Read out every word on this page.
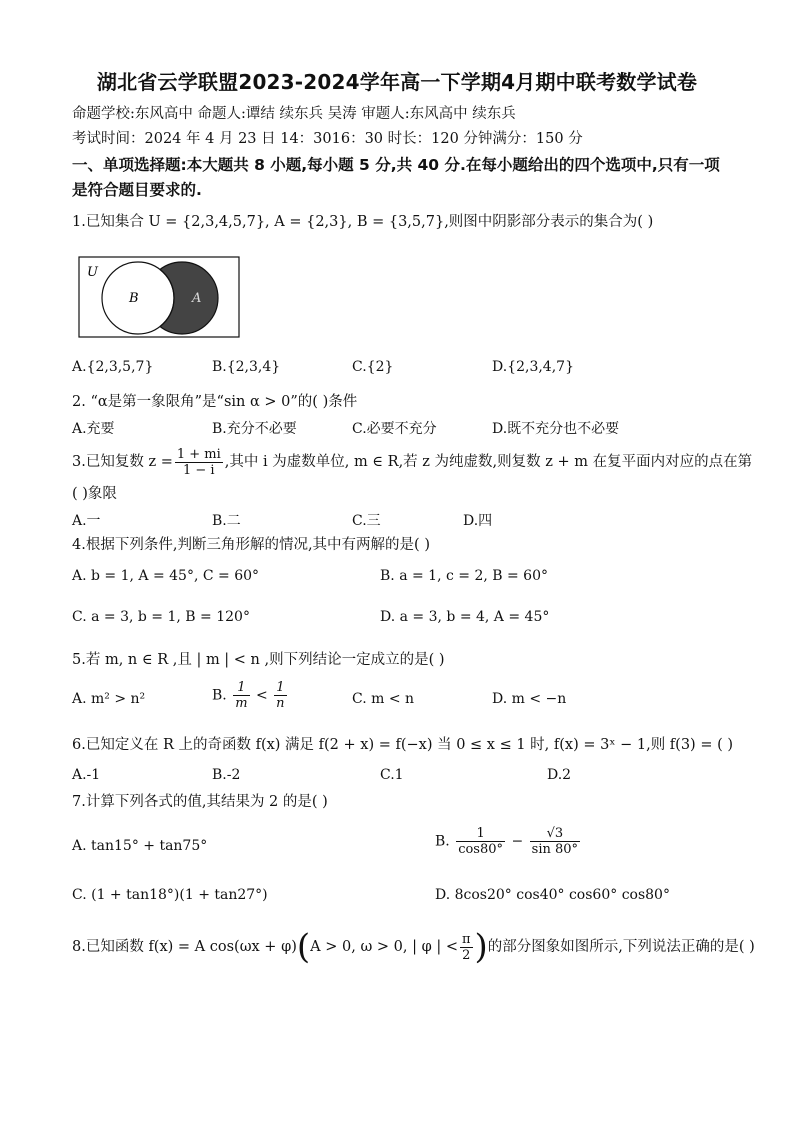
湖北省云学联盟2023-2024学年高一下学期4月期中联考数学试卷
命题学校:东风高中 命题人:谭结 续东兵 吴涛 审题人:东风高中 续东兵
考试时间：2024 年 4 月 23 日 14：3016：30 时长：120 分钟满分：150 分
一、单项选择题:本大题共 8 小题,每小题 5 分,共 40 分.在每小题给出的四个选项中,只有一项
是符合题目要求的.
1.已知集合 U = {2,3,4,5,7}, A = {2,3}, B = {3,5,7},则图中阴影部分表示的集合为( )
U
B	A
A.{2,3,5,7}	B.{2,3,4}	C.{2}	D.{2,3,4,7}
2. “α是第一象限角”是“sin α > 0”的( )条件
A.充要	B.充分不必要	C.必要不充分	D.既不充分也不必要
3.已知复数 $z = \frac{1 + mi}{1 - i}$ ,其中 i 为虚数单位, m ∈ R,若 z 为纯虚数,则复数 z + m 在复平面内对应的点在第
( )象限
A.一	B.二	C.三	D.四
4.根据下列条件,判断三角形解的情况,其中有两解的是( )
A. b = 1, A = 45°, C = 60°	B. a = 1, c = 2, B = 60°
C. a = 3, b = 1, B = 120°	D. a = 3, b = 4, A = 45°
5.若 m, n ∈ R ,且 | m | < n ,则下列结论一定成立的是( )
A. m² > n²	B. $\frac{1}{m} < \frac{1}{n}$	C. m < n	D. m < −n
6.已知定义在 R 上的奇函数 f(x) 满足 f(2 + x) = f(−x) 当 0 ≤ x ≤ 1 时, f(x) = 3ˣ − 1,则 f(3) = ( )
A.-1	B.-2	C.1	D.2
7.计算下列各式的值,其结果为 2 的是( )
A. tan15° + tan75°	B. $\frac{1}{\cos 80^\circ} - \frac{√3}{\sin 80^\circ}$
C. (1 + tan18°)(1 + tan27°)	D. 8cos20° cos40° cos60° cos80°
8.已知函数 f(x) = A cos(ωx + φ)(A > 0, ω > 0, | φ | < $\frac{\pi}{2}$ )的部分图象如图所示,下列说法正确的是( )
